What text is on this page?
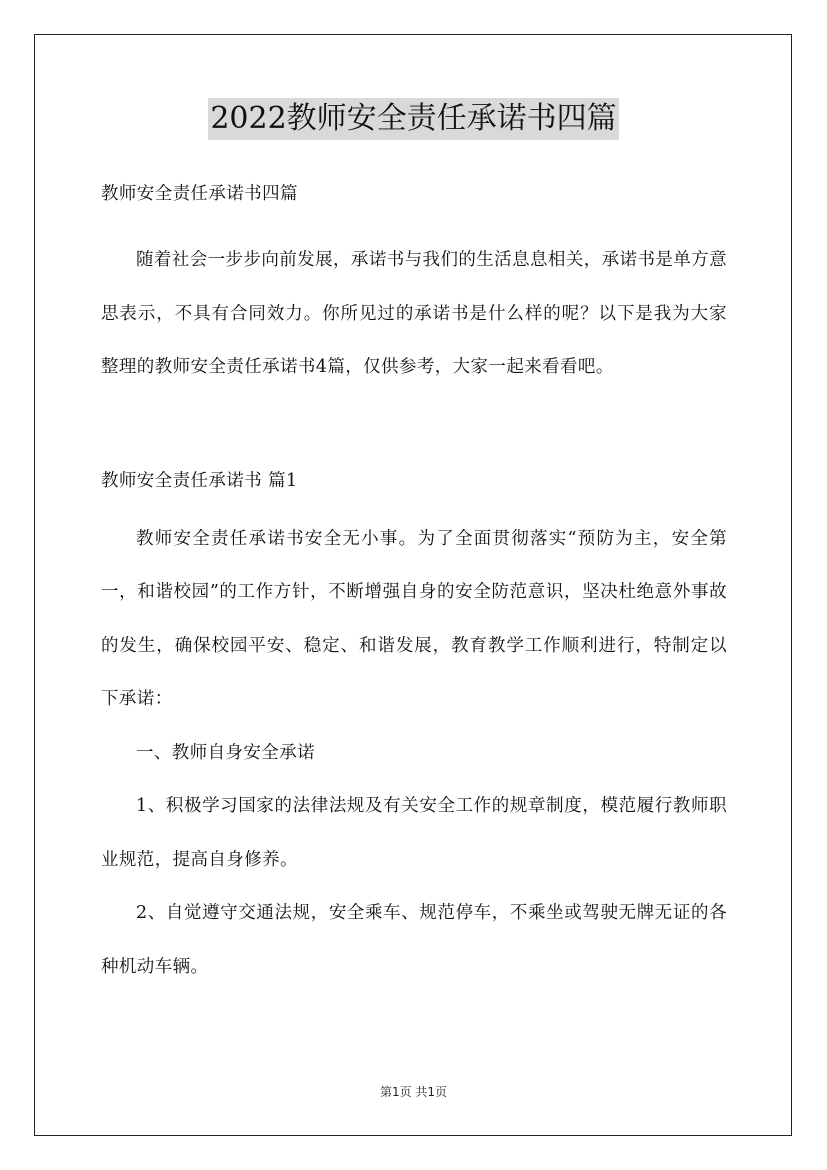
2022教师安全责任承诺书四篇
教师安全责任承诺书四篇

随着社会一步步向前发展，承诺书与我们的生活息息相关，承诺书是单方意思表示，不具有合同效力。你所见过的承诺书是什么样的呢？以下是我为大家整理的教师安全责任承诺书4篇，仅供参考，大家一起来看看吧。

教师安全责任承诺书 篇1

教师安全责任承诺书安全无小事。为了全面贯彻落实“预防为主，安全第一，和谐校园”的工作方针，不断增强自身的安全防范意识，坚决杜绝意外事故的发生，确保校园平安、稳定、和谐发展，教育教学工作顺利进行，特制定以下承诺：

一、教师自身安全承诺

1、积极学习国家的法律法规及有关安全工作的规章制度，模范履行教师职业规范，提高自身修养。

2、自觉遵守交通法规，安全乘车、规范停车，不乘坐或驾驶无牌无证的各种机动车辆。

第1页 共1页
